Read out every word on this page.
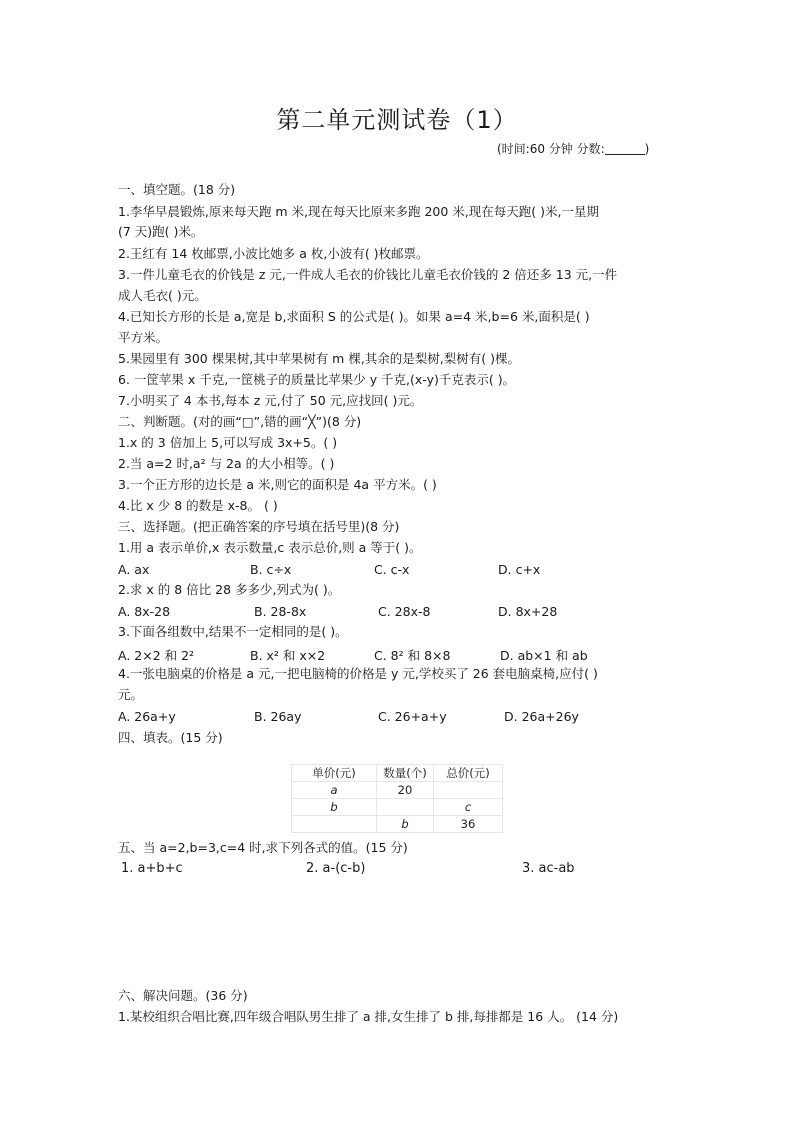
第二单元测试卷（1）
(时间:60 分钟 分数:	)
一、填空题。(18 分)
1.李华早晨锻炼,原来每天跑 m 米,现在每天比原来多跑 200 米,现在每天跑( )米,一星期
(7 天)跑( )米。
2.王红有 14 枚邮票,小波比她多 a 枚,小波有( )枚邮票。
3.一件儿童毛衣的价钱是 z 元,一件成人毛衣的价钱比儿童毛衣价钱的 2 倍还多 13 元,一件
成人毛衣( )元。
4.已知长方形的长是 a,宽是 b,求面积 S 的公式是( )。如果 a=4 米,b=6 米,面积是( )
平方米。
5.果园里有 300 棵果树,其中苹果树有 m 棵,其余的是梨树,梨树有( )棵。
6. 一筐苹果 x 千克,一筐桃子的质量比苹果少 y 千克,(x-y)千克表示( )。
7.小明买了 4 本书,每本 z 元,付了 50 元,应找回( )元。
二、判断题。(对的画“□”,错的画“╳”)(8 分)
1.x 的 3 倍加上 5,可以写成 3x+5。( )
2.当 a=2 时,a² 与 2a 的大小相等。( )
3.一个正方形的边长是 a 米,则它的面积是 4a 平方米。( )
4.比 x 少 8 的数是 x-8。 ( )
三、选择题。(把正确答案的序号填在括号里)(8 分)
1.用 a 表示单价,x 表示数量,c 表示总价,则 a 等于( )。
A. ax	B. c÷x	C. c-x	D. c+x
2.求 x 的 8 倍比 28 多多少,列式为( )。
A. 8x-28	B. 28-8x	C. 28x-8	D. 8x+28
3.下面各组数中,结果不一定相同的是( )。
A. 2×2 和 2²	B. x² 和 x×2	C. 8² 和 8×8	D. ab×1 和 ab
4.一张电脑桌的价格是 a 元,一把电脑椅的价格是 y 元,学校买了 26 套电脑桌椅,应付( )
元。
A. 26a+y	B. 26ay	C. 26+a+y	D. 26a+26y
四、填表。(15 分)
单价(元)	数量(个)	总价(元)
a	20	
b		c
	b	36
五、当 a=2,b=3,c=4 时,求下列各式的值。(15 分)
1. a+b+c	2. a-(c-b)	3. ac-ab
六、解决问题。(36 分)
1.某校组织合唱比赛,四年级合唱队男生排了 a 排,女生排了 b 排,每排都是 16 人。 (14 分)
